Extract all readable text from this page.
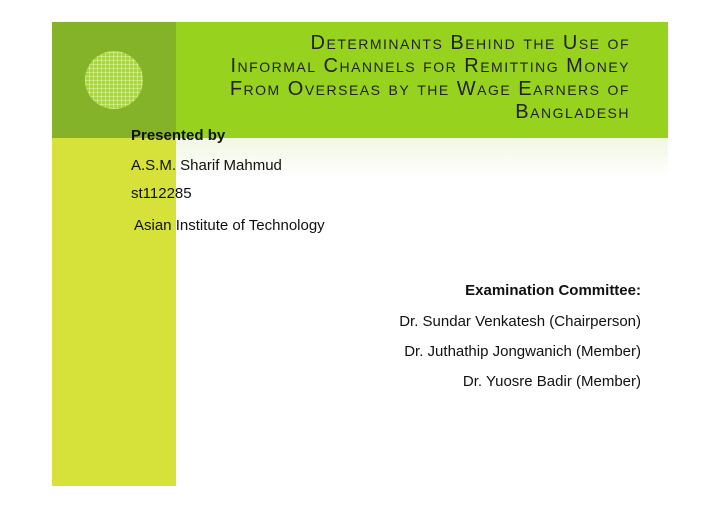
Determinants Behind the Use of
Informal Channels for Remitting Money
From Overseas by the Wage Earners of
Bangladesh
Presented by
A.S.M. Sharif Mahmud
st112285
Asian Institute of Technology
Examination Committee:
Dr. Sundar Venkatesh (Chairperson)
Dr. Juthathip Jongwanich (Member)
Dr. Yuosre Badir (Member)
